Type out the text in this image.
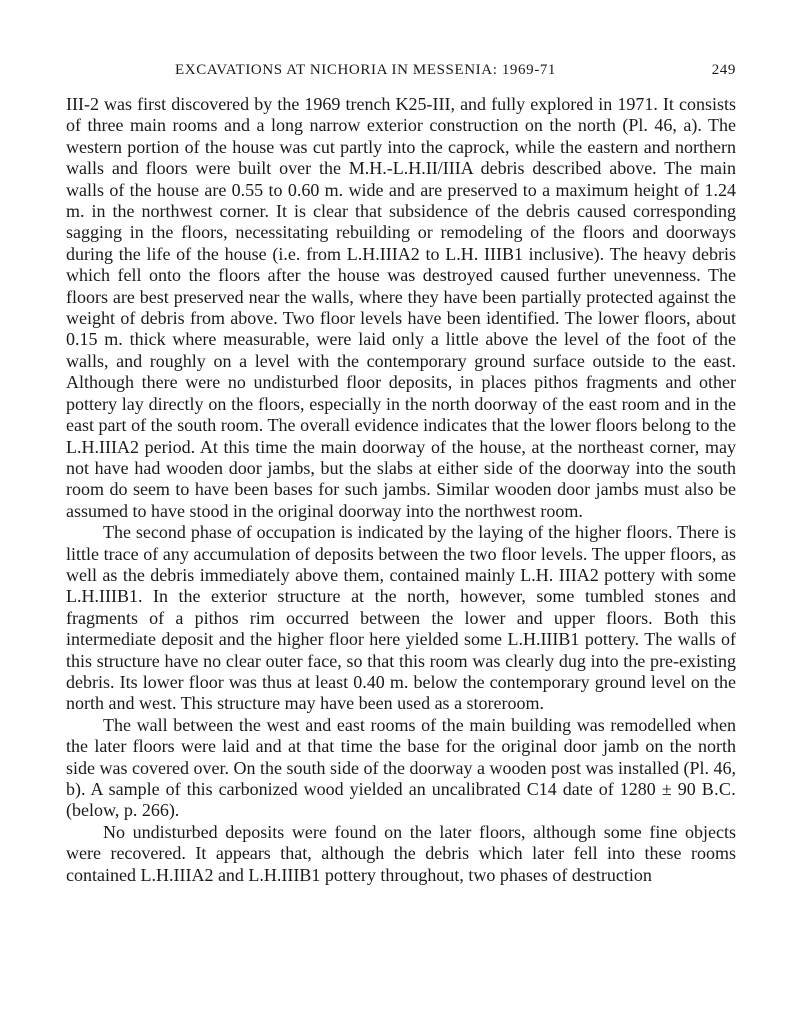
EXCAVATIONS AT NICHORIA IN MESSENIA: 1969-71	249

III-2 was first discovered by the 1969 trench K25-III, and fully explored in 1971. It consists of three main rooms and a long narrow exterior construction on the north (Pl. 46, a). The western portion of the house was cut partly into the caprock, while the eastern and northern walls and floors were built over the M.H.-L.H.II/IIIA debris described above. The main walls of the house are 0.55 to 0.60 m. wide and are preserved to a maximum height of 1.24 m. in the northwest corner. It is clear that subsidence of the debris caused corresponding sagging in the floors, necessitating rebuilding or remodeling of the floors and doorways during the life of the house (i.e. from L.H.IIIA2 to L.H. IIIB1 inclusive). The heavy debris which fell onto the floors after the house was destroyed caused further unevenness. The floors are best preserved near the walls, where they have been partially protected against the weight of debris from above. Two floor levels have been identified. The lower floors, about 0.15 m. thick where measurable, were laid only a little above the level of the foot of the walls, and roughly on a level with the contemporary ground surface outside to the east. Although there were no undisturbed floor deposits, in places pithos fragments and other pottery lay directly on the floors, especially in the north doorway of the east room and in the east part of the south room. The overall evidence indicates that the lower floors belong to the L.H.IIIA2 period. At this time the main doorway of the house, at the northeast corner, may not have had wooden door jambs, but the slabs at either side of the doorway into the south room do seem to have been bases for such jambs. Similar wooden door jambs must also be assumed to have stood in the original doorway into the northwest room.

The second phase of occupation is indicated by the laying of the higher floors. There is little trace of any accumulation of deposits between the two floor levels. The upper floors, as well as the debris immediately above them, contained mainly L.H. IIIA2 pottery with some L.H.IIIB1. In the exterior structure at the north, however, some tumbled stones and fragments of a pithos rim occurred between the lower and upper floors. Both this intermediate deposit and the higher floor here yielded some L.H.IIIB1 pottery. The walls of this structure have no clear outer face, so that this room was clearly dug into the pre-existing debris. Its lower floor was thus at least 0.40 m. below the contemporary ground level on the north and west. This structure may have been used as a storeroom.

The wall between the west and east rooms of the main building was remodelled when the later floors were laid and at that time the base for the original door jamb on the north side was covered over. On the south side of the doorway a wooden post was installed (Pl. 46, b). A sample of this carbonized wood yielded an uncalibrated C14 date of 1280 ± 90 B.C. (below, p. 266).

No undisturbed deposits were found on the later floors, although some fine objects were recovered. It appears that, although the debris which later fell into these rooms contained L.H.IIIA2 and L.H.IIIB1 pottery throughout, two phases of destruction
